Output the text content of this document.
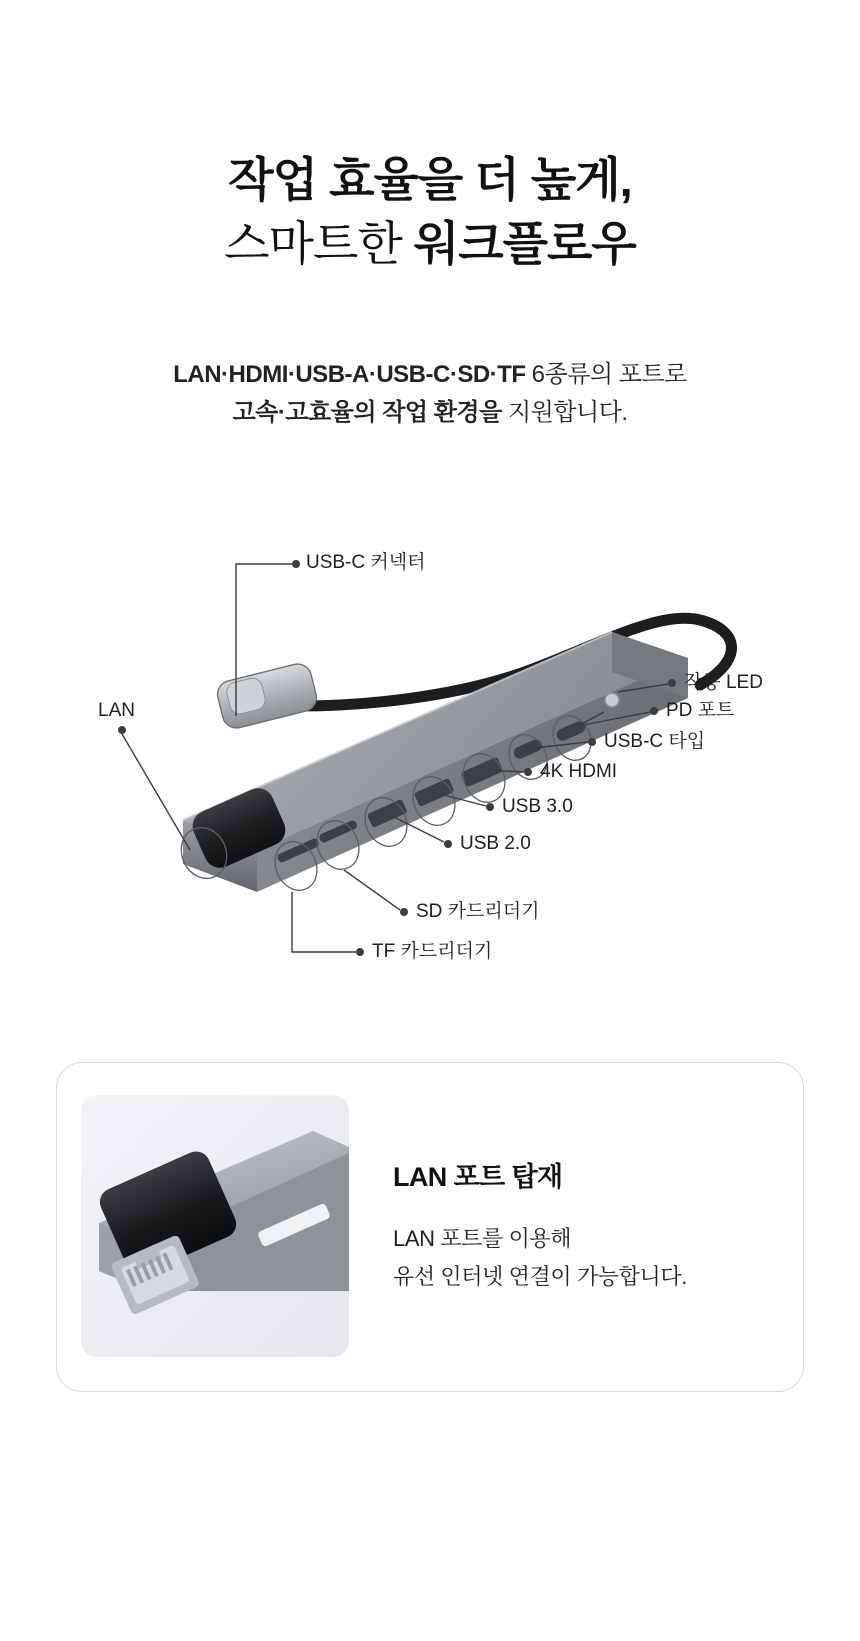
작업 효율을 더 높게,
스마트한 워크플로우
LAN·HDMI·USB-A·USB-C·SD·TF 6종류의 포트로
고속·고효율의 작업 환경을 지원합니다.
USB-C 커넥터
LAN
작동 LED
PD 포트
USB-C 타입
4K HDMI
USB 3.0
USB 2.0
SD 카드리더기
TF 카드리더기
LAN 포트 탑재
LAN 포트를 이용해
유선 인터넷 연결이 가능합니다.
